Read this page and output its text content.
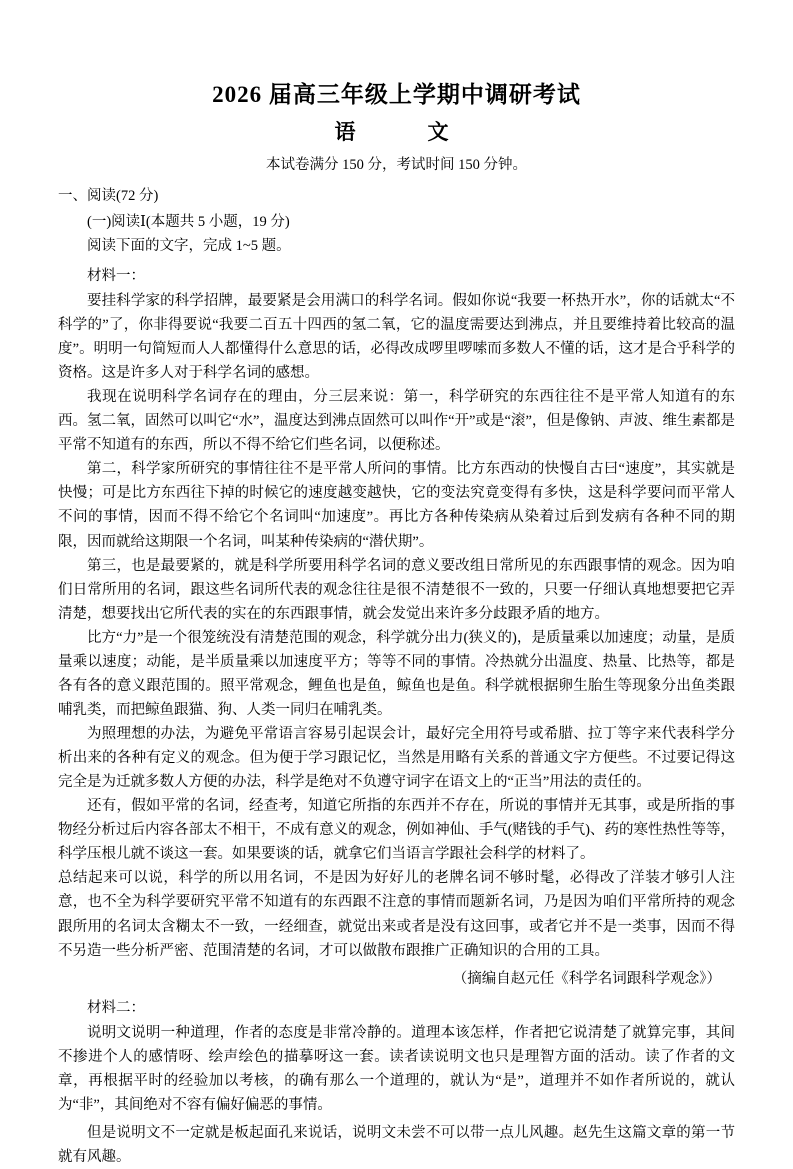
2026 届高三年级上学期中调研考试
语　　文

本试卷满分 150 分，考试时间 150 分钟。

一、阅读(72 分)

(一)阅读Ⅰ(本题共 5 小题，19 分)

阅读下面的文字，完成 1~5 题。

材料一：

要挂科学家的科学招牌，最要紧是会用满口的科学名词。假如你说“我要一杯热开水”，你的话就太“不科学的”了，你非得要说“我要二百五十四西的氢二氧，它的温度需要达到沸点，并且要维持着比较高的温度”。明明一句简短而人人都懂得什么意思的话，必得改成啰里啰嗦而多数人不懂的话，这才是合乎科学的资格。这是许多人对于科学名词的感想。

我现在说明科学名词存在的理由，分三层来说：第一，科学研究的东西往往不是平常人知道有的东西。氢二氧，固然可以叫它“水”，温度达到沸点固然可以叫作“开”或是“滚”，但是像钠、声波、维生素都是平常不知道有的东西，所以不得不给它们些名词，以便称述。

第二，科学家所研究的事情往往不是平常人所问的事情。比方东西动的快慢自古曰“速度”，其实就是快慢；可是比方东西往下掉的时候它的速度越变越快，它的变法究竟变得有多快，这是科学要问而平常人不问的事情，因而不得不给它个名词叫“加速度”。再比方各种传染病从染着过后到发病有各种不同的期限，因而就给这期限一个名词，叫某种传染病的“潜伏期”。

第三，也是最要紧的，就是科学所要用科学名词的意义要改组日常所见的东西跟事情的观念。因为咱们日常所用的名词，跟这些名词所代表的观念往往是很不清楚很不一致的，只要一仔细认真地想要把它弄清楚，想要找出它所代表的实在的东西跟事情，就会发觉出来许多分歧跟矛盾的地方。

比方“力”是一个很笼统没有清楚范围的观念，科学就分出力(狭义的)，是质量乘以加速度；动量，是质量乘以速度；动能，是半质量乘以加速度平方；等等不同的事情。冷热就分出温度、热量、比热等，都是各有各的意义跟范围的。照平常观念，鲤鱼也是鱼，鲸鱼也是鱼。科学就根据卵生胎生等现象分出鱼类跟哺乳类，而把鲸鱼跟猫、狗、人类一同归在哺乳类。

为照理想的办法，为避免平常语言容易引起误会计，最好完全用符号或希腊、拉丁等字来代表科学分析出来的各种有定义的观念。但为便于学习跟记忆，当然是用略有关系的普通文字方便些。不过要记得这完全是为迁就多数人方便的办法，科学是绝对不负遵守词字在语文上的“正当”用法的责任的。

还有，假如平常的名词，经查考，知道它所指的东西并不存在，所说的事情并无其事，或是所指的事物经分析过后内容各部太不相干，不成有意义的观念，例如神仙、手气(赌钱的手气)、药的寒性热性等等，科学压根儿就不谈这一套。如果要谈的话，就拿它们当语言学跟社会科学的材料了。

总结起来可以说，科学的所以用名词，不是因为好好儿的老牌名词不够时髦，必得改了洋装才够引人注意，也不全为科学要研究平常不知道有的东西跟不注意的事情而题新名词，乃是因为咱们平常所持的观念跟所用的名词太含糊太不一致，一经细查，就觉出来或者是没有这回事，或者它并不是一类事，因而不得不另造一些分析严密、范围清楚的名词，才可以做散布跟推广正确知识的合用的工具。

（摘编自赵元任《科学名词跟科学观念》）

材料二：

说明文说明一种道理，作者的态度是非常冷静的。道理本该怎样，作者把它说清楚了就算完事，其间不掺进个人的感情呀、绘声绘色的描摹呀这一套。读者读说明文也只是理智方面的活动。读了作者的文章，再根据平时的经验加以考核，的确有那么一个道理的，就认为“是”，道理并不如作者所说的，就认为“非”，其间绝对不容有偏好偏恶的事情。

但是说明文不一定就是板起面孔来说话，说明文未尝不可以带一点儿风趣。赵先生这篇文章的第一节就有风趣。
